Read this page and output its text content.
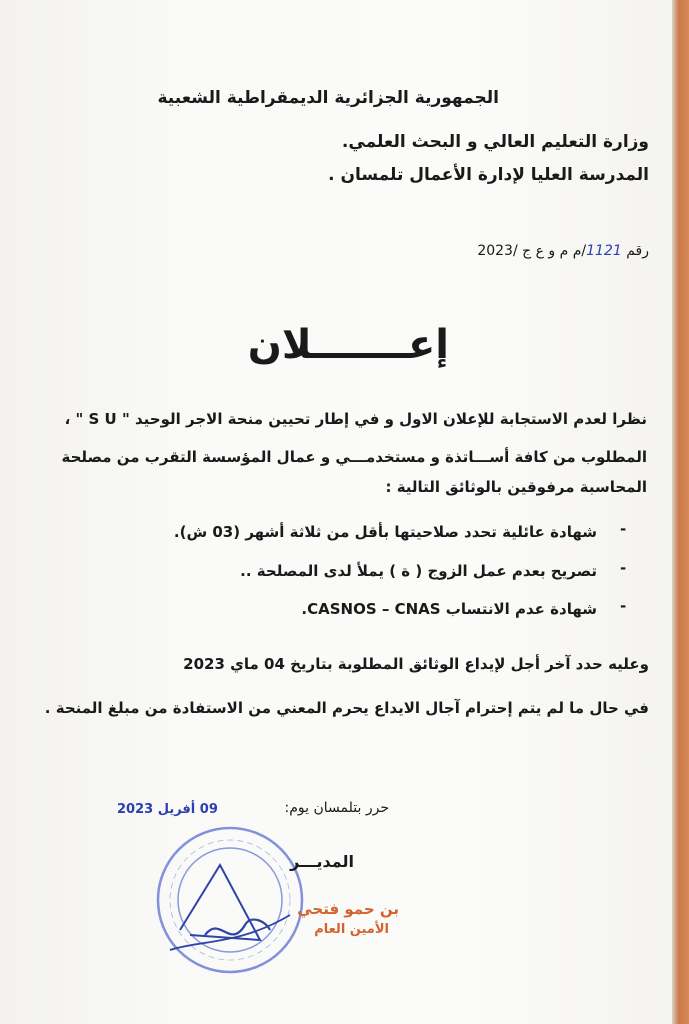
الجمهورية الجزائرية الديمقراطية الشعبية
وزارة التعليم العالي و البحث العلمي.
المدرسة العليا لإدارة الأعمال تلمسان .
رقم 1121/م م و ع ج /2023
إعـــــــلان
نظرا لعدم الاستجابة للإعلان الاول و في إطار تحيين منحة الاجر الوحيد " S U " ،
المطلوب من كافة أســـاتذة و مستخدمـــي و عمال المؤسسة التقرب من مصلحة
المحاسبة مرفوقين بالوثائق التالية :
-
شهادة عائلية تحدد صلاحيتها بأقل من ثلاثة أشهر (03 ش).
-
تصريح بعدم عمل الزوج ( ة ) يملأ لدى المصلحة ..
-
شهادة عدم الانتساب CASNOS – CNAS.
وعليه حدد آخر أجل لإيداع الوثائق المطلوبة بتاريخ 04 ماي 2023
في حال ما لم يتم إحترام آجال الايداع يحرم المعني من الاستفادة من مبلغ المنحة .
حرر بتلمسان يوم:
09 أفريل 2023
المديـــر
بن حمو فتحي
الأمين العام
